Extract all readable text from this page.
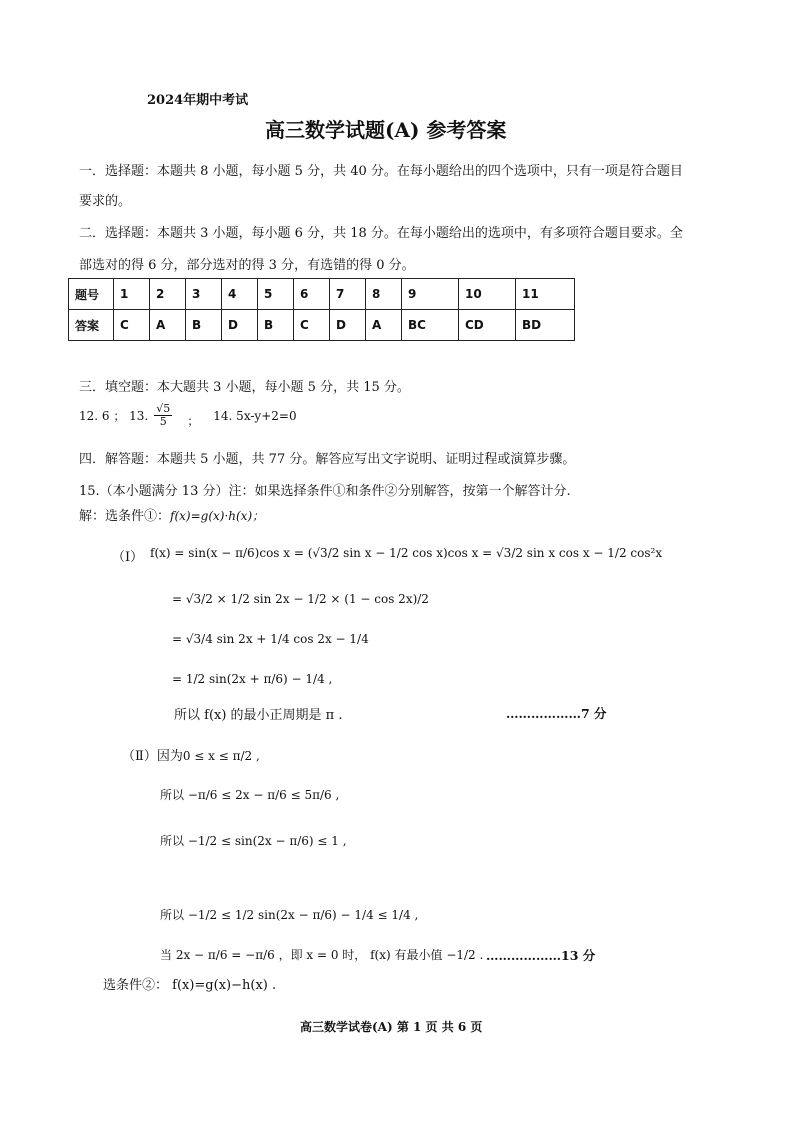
2024年期中考试
高三数学试题(A) 参考答案
一．选择题：本题共 8 小题，每小题 5 分，共 40 分。在每小题给出的四个选项中，只有一项是符合题目
要求的。
二．选择题：本题共 3 小题，每小题 6 分，共 18 分。在每小题给出的选项中，有多项符合题目要求。全
部选对的得 6 分，部分选对的得 3 分，有选错的得 0 分。
题号	1	2	3	4	5	6	7	8	9	10	11
答案	C	A	B	D	B	C	D	A	BC	CD	BD
三．填空题：本大题共 3 小题，每小题 5 分，共 15 分。
12. 6 ； 13. $\frac{√5}{5}$ ； 14. 5x-y+2=0
四．解答题：本题共 5 小题，共 77 分。解答应写出文字说明、证明过程或演算步骤。
15.（本小题满分 13 分）注：如果选择条件①和条件②分别解答，按第一个解答计分.
解：选条件①：f(x)=g(x)·h(x)；
（Ⅰ） f(x) = sin(x − π/6)cos x = (√3/2 sin x − 1/2 cos x)cos x = √3/2 sin x cos x − 1/2 cos²x
= √3/2 × 1/2 sin 2x − 1/2 × (1 − cos 2x)/2
= √3/4 sin 2x + 1/4 cos 2x − 1/4
= 1/2 sin(2x + π/6) − 1/4 ,
所以 f(x) 的最小正周期是 π .	………………7 分
（Ⅱ）因为0 ≤ x ≤ π/2 ,
所以 −π/6 ≤ 2x − π/6 ≤ 5π/6 ,
所以 −1/2 ≤ sin(2x − π/6) ≤ 1 ,
所以 −1/2 ≤ 1/2 sin(2x − π/6) − 1/4 ≤ 1/4 ,
当 2x − π/6 = −π/6 ，即 x = 0 时， f(x) 有最小值 −1/2 . ………………13 分
选条件②： f(x)=g(x)−h(x) .
高三数学试卷(A) 第 1 页 共 6 页
